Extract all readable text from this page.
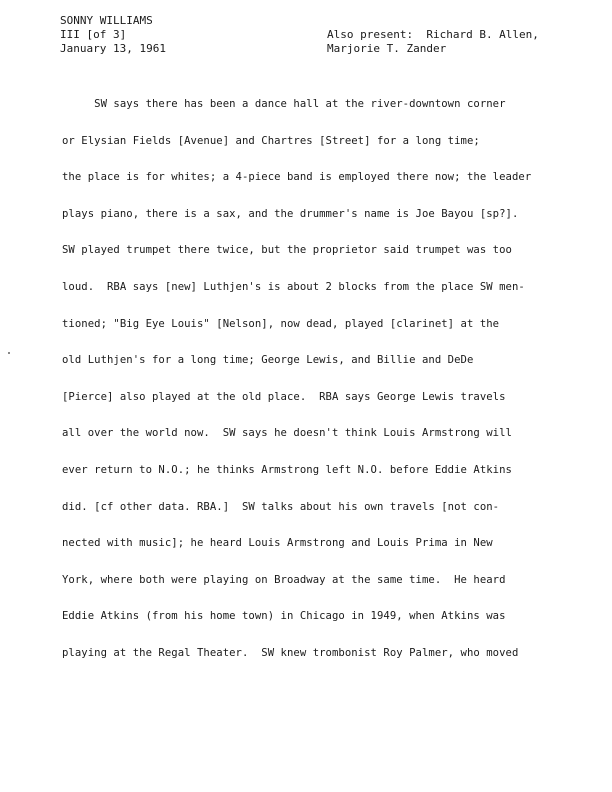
SONNY WILLIAMS
III [of 3]
January 13, 1961
Also present:  Richard B. Allen,
Marjorie T. Zander
SW says there has been a dance hall at the river-downtown corner
or Elysian Fields [Avenue] and Chartres [Street] for a long time;
the place is for whites; a 4-piece band is employed there now; the leader
plays piano, there is a sax, and the drummer's name is Joe Bayou [sp?].
SW played trumpet there twice, but the proprietor said trumpet was too
loud.  RBA says [new] Luthjen's is about 2 blocks from the place SW men-
tioned; "Big Eye Louis" [Nelson], now dead, played [clarinet] at the
old Luthjen's for a long time; George Lewis, and Billie and DeDe
[Pierce] also played at the old place.  RBA says George Lewis travels
all over the world now.  SW says he doesn't think Louis Armstrong will
ever return to N.O.; he thinks Armstrong left N.O. before Eddie Atkins
did. [cf other data. RBA.]  SW talks about his own travels [not con-
nected with music]; he heard Louis Armstrong and Louis Prima in New
York, where both were playing on Broadway at the same time.  He heard
Eddie Atkins (from his home town) in Chicago in 1949, when Atkins was
playing at the Regal Theater.  SW knew trombonist Roy Palmer, who moved
